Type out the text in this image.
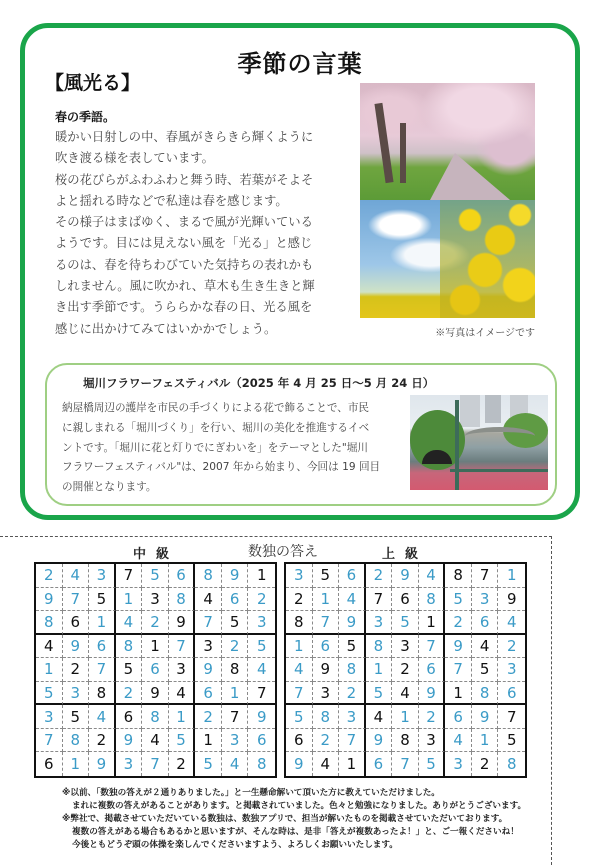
季節の言葉
【風光る】
春の季語。

暖かい日射しの中、春風がきらきら輝くように

吹き渡る様を表しています。

桜の花びらがふわふわと舞う時、若葉がそよそ

よと揺れる時などで私達は春を感じます。

その様子はまばゆく、まるで風が光輝いている

ようです。目には見えない風を「光る」と感じ

るのは、春を待ちわびていた気持ちの表れかも

しれません。風に吹かれ、草木も生き生きと輝

き出す季節です。うららかな春の日、光る風を

感じに出かけてみてはいかかでしょう。	※写真はイメージです
堀川フラワーフェスティバル（2025 年 4 月 25 日〜5 月 24 日）
納屋橋周辺の護岸を市民の手づくりによる花で飾ることで、市民
に親しまれる「堀川づくり」を行い、堀川の美化を推進するイベ
ントです。「堀川に花と灯りでにぎわいを」をテーマとした"堀川
フラワーフェスティバル"は、2007 年から始まり、今回は 19 回目
の開催となります。
中級	数独の答え	上級
2	4	3	7	5	6	8	9	1
9	7	5	1	3	8	4	6	2
8	6	1	4	2	9	7	5	3
4	9	6	8	1	7	3	2	5
1	2	7	5	6	3	9	8	4
5	3	8	2	9	4	6	1	7
3	5	4	6	8	1	2	7	9
7	8	2	9	4	5	1	3	6
6	1	9	3	7	2	5	4	8
3	5	6	2	9	4	8	7	1
2	1	4	7	6	8	5	3	9
8	7	9	3	5	1	2	6	4
1	6	5	8	3	7	9	4	2
4	9	8	1	2	6	7	5	3
7	3	2	5	4	9	1	8	6
5	8	3	4	1	2	6	9	7
6	2	7	9	8	3	4	1	5
9	4	1	6	7	5	3	2	8
※以前、「数独の答えが２通りありました。」と一生懸命解いて頂いた方に教えていただけました。
まれに複数の答えがあることがあります。と掲載されていました。色々と勉強になりました。ありがとうございます。
※弊社で、掲載させていただいている数独は、数独アプリで、担当が解いたものを掲載させていただいております。
複数の答えがある場合もあるかと思いますが、そんな時は、是非「答えが複数あったよ！」と、ご一報くださいね！
今後ともどうぞ頭の体操を楽しんでくださいますよう、よろしくお願いいたします。
